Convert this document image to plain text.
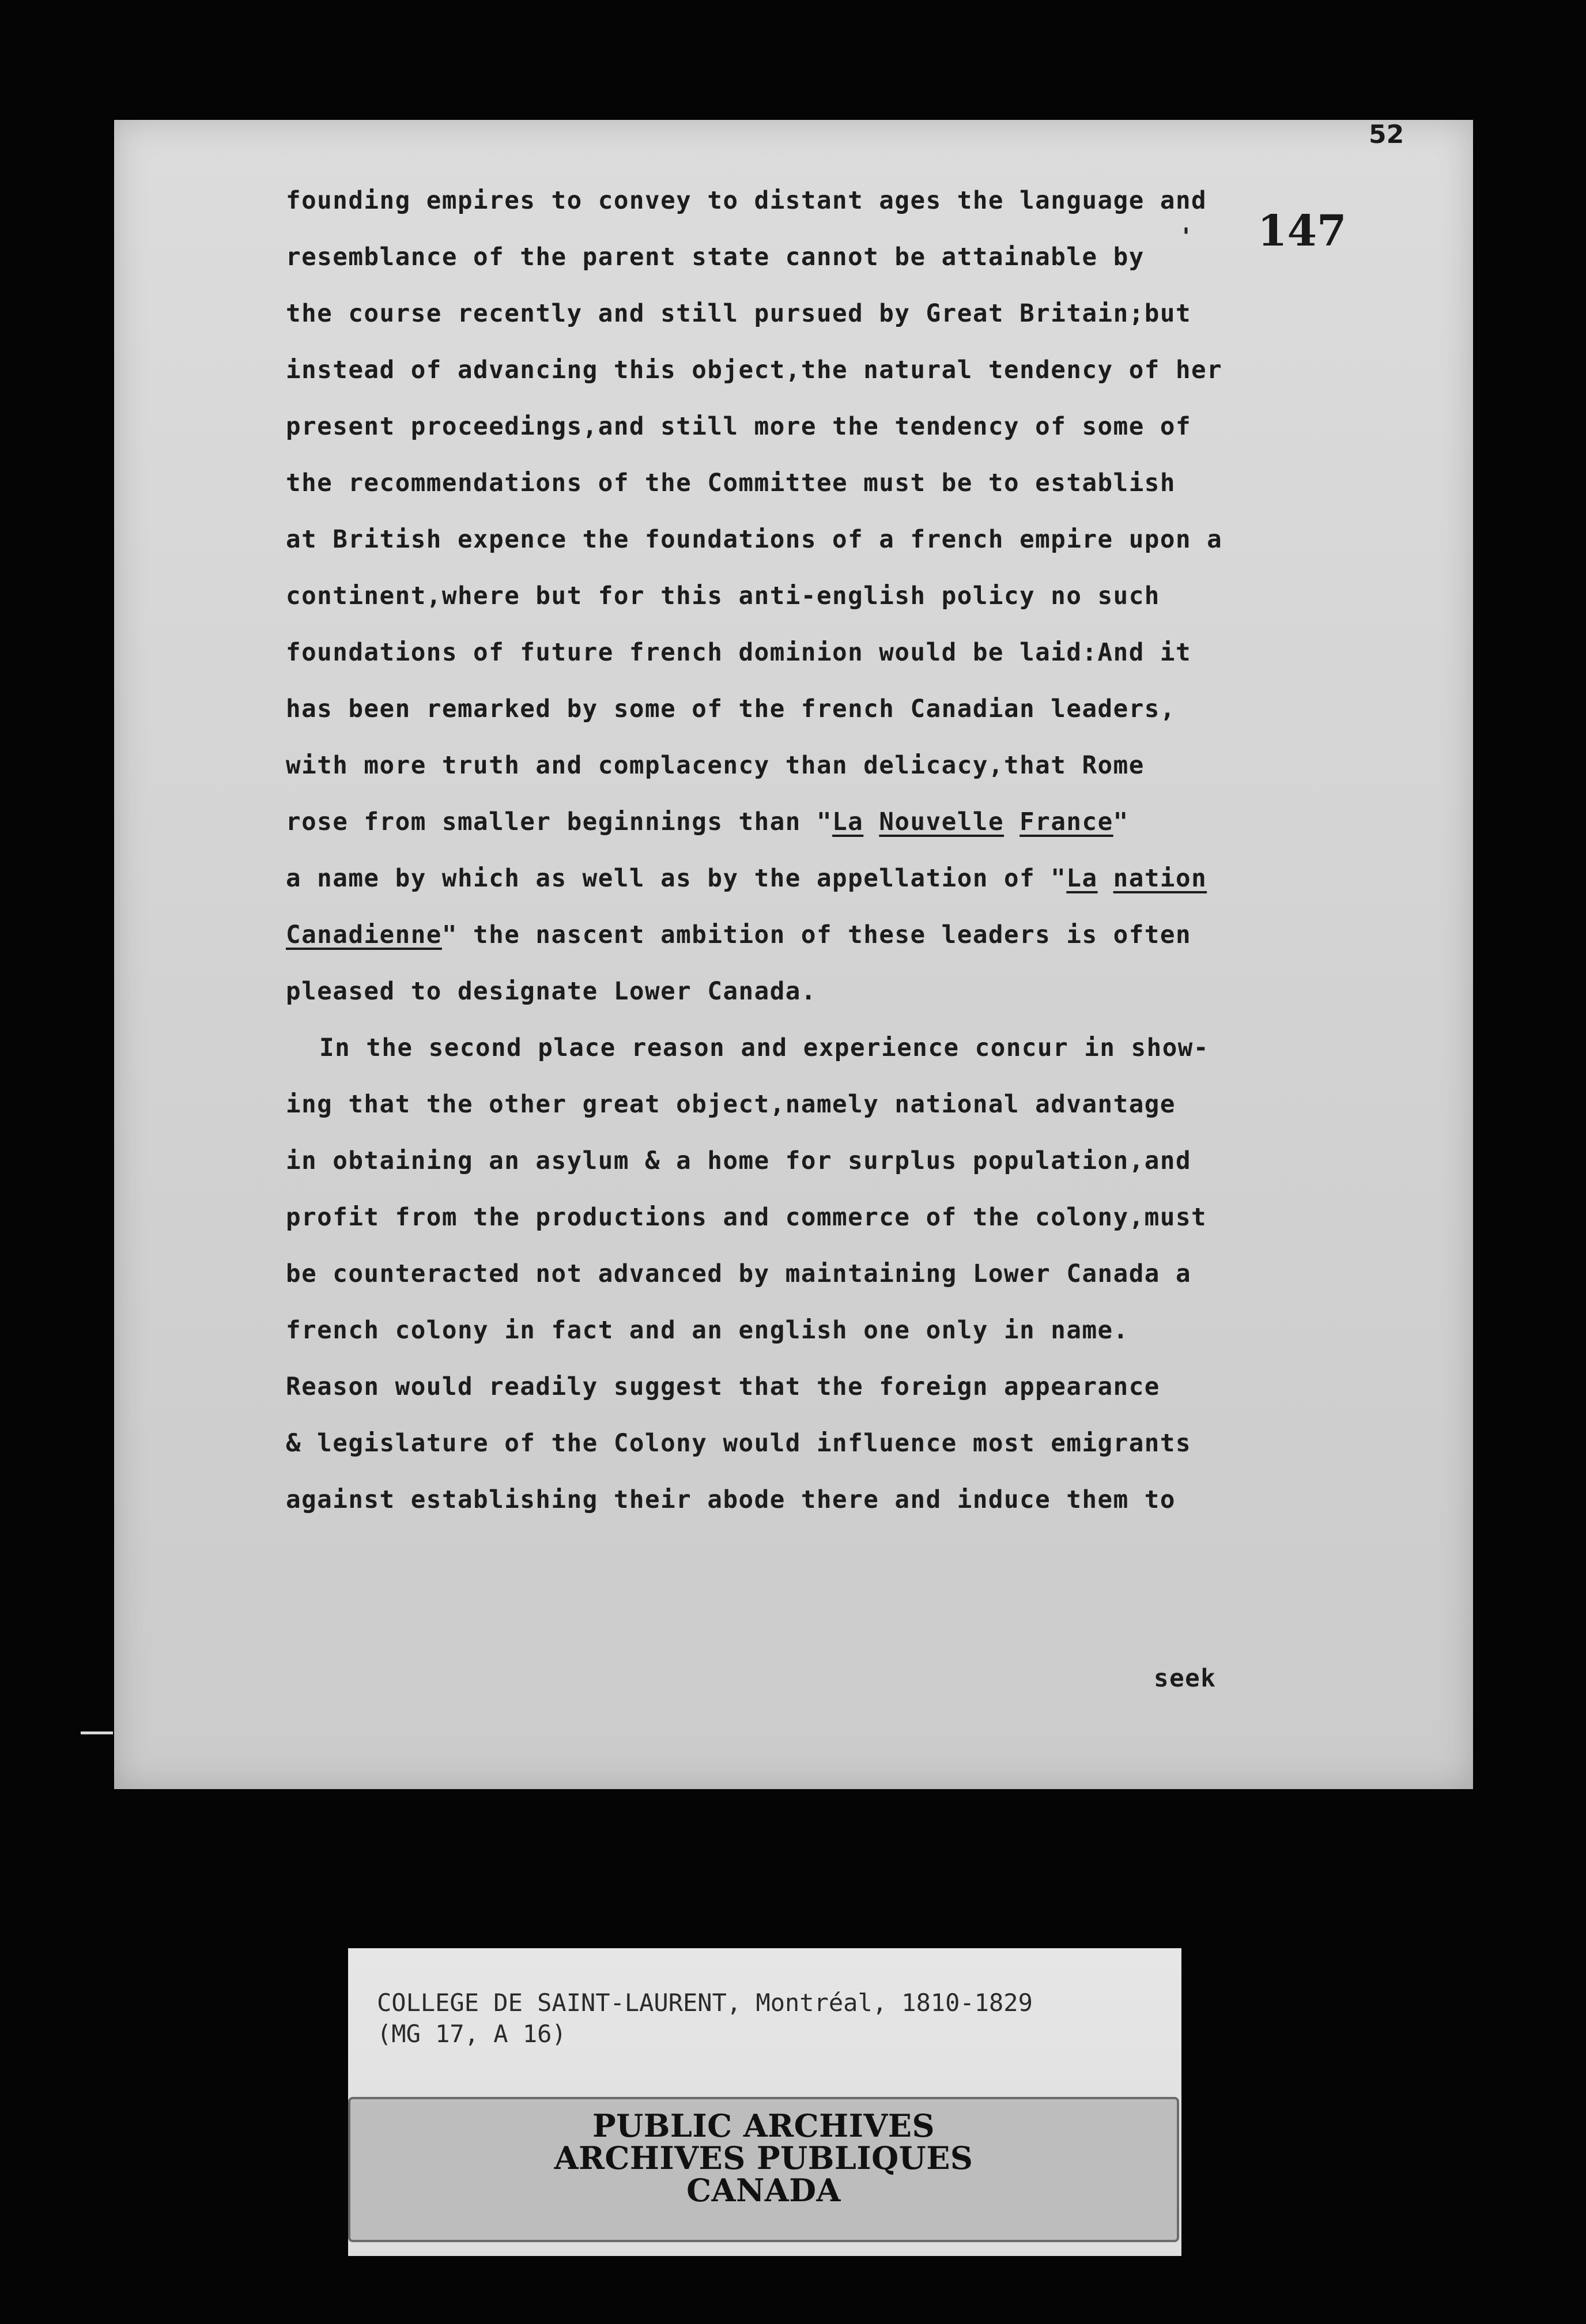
52
' 147
founding empires to convey to distant ages the language and
resemblance of the parent state cannot be attainable by
the course recently and still pursued by Great Britain;but
instead of advancing this object,the natural tendency of her
present proceedings,and still more the tendency of some of
the recommendations of the Committee must be to establish
at British expence the foundations of a french empire upon a
continent,where but for this anti-english policy no such
foundations of future french dominion would be laid:And it
has been remarked by some of the french Canadian leaders,
with more truth and complacency than delicacy,that Rome
rose from smaller beginnings than "La Nouvelle France"
a name by which as well as by the appellation of "La nation
Canadienne" the nascent ambition of these leaders is often
pleased to designate Lower Canada.
In the second place reason and experience concur in show-
ing that the other great object,namely national advantage
in obtaining an asylum & a home for surplus population,and
profit from the productions and commerce of the colony,must
be counteracted not advanced by maintaining Lower Canada a
french colony in fact and an english one only in name.
Reason would readily suggest that the foreign appearance
& legislature of the Colony would influence most emigrants
against establishing their abode there and induce them to
seek
COLLEGE DE SAINT-LAURENT, Montréal, 1810-1829
(MG 17, A 16)
PUBLIC ARCHIVES
ARCHIVES PUBLIQUES
CANADA
